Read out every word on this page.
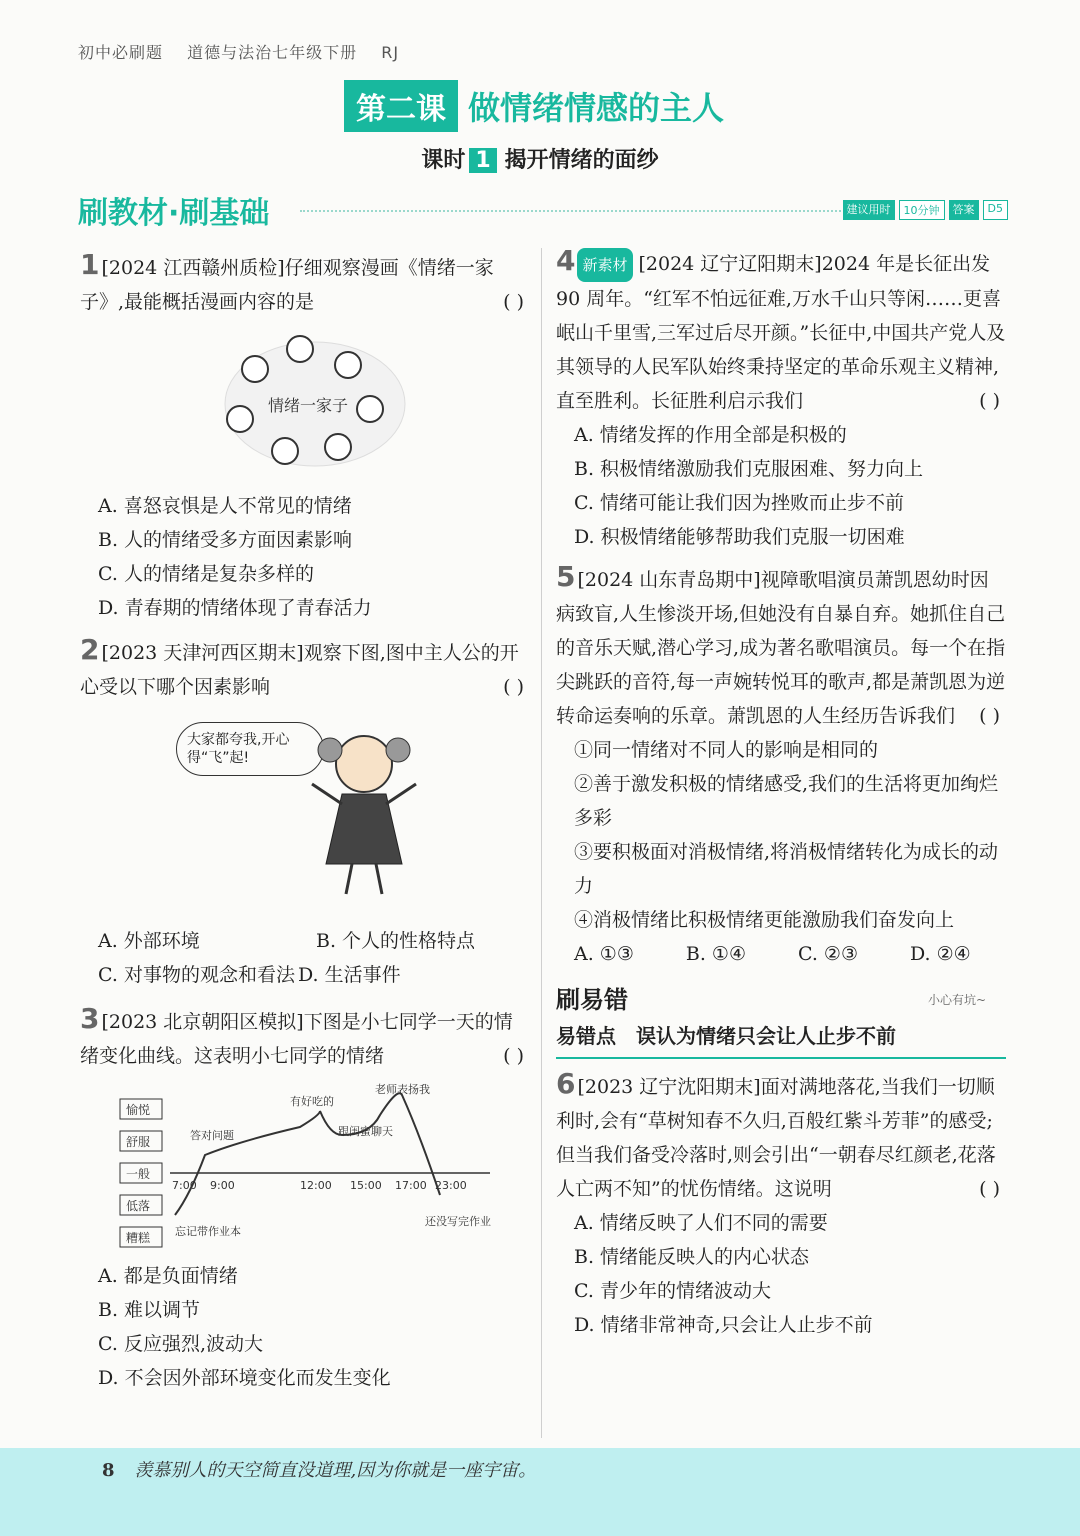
初中必刷题 道德与法治七年级下册 RJ
第二课 做情绪情感的主人
课时 1 揭开情绪的面纱
刷教材·刷基础	建议用时	10分钟	答案	D5
1 [2024 江西赣州质检]仔细观察漫画《情绪一家子》,最能概括漫画内容的是	( )
情绪一家子
A. 喜怒哀惧是人不常见的情绪
B. 人的情绪受多方面因素影响
C. 人的情绪是复杂多样的
D. 青春期的情绪体现了青春活力
2 [2023 天津河西区期末]观察下图,图中主人公的开心受以下哪个因素影响	( )
大家都夸我,开心得“飞”起!
A. 外部环境	B. 个人的性格特点
C. 对事物的观念和看法 D. 生活事件
3 [2023 北京朝阳区模拟]下图是小七同学一天的情绪变化曲线。这表明小七同学的情绪	( )
愉悦
舒服
一般
低落
糟糕
7:00 9:00	12:00 15:00 17:00 23:00
答对问题
有好吃的
跟闺蜜聊天
老师表扬我
忘记带作业本
还没写完作业
A. 都是负面情绪
B. 难以调节
C. 反应强烈,波动大
D. 不会因外部环境变化而发生变化
4 新素材 [2024 辽宁辽阳期末]2024 年是长征出发 90 周年。“红军不怕远征难,万水千山只等闲……更喜岷山千里雪,三军过后尽开颜。”长征中,中国共产党人及其领导的人民军队始终秉持坚定的革命乐观主义精神,直至胜利。长征胜利启示我们	( )
A. 情绪发挥的作用全部是积极的
B. 积极情绪激励我们克服困难、努力向上
C. 情绪可能让我们因为挫败而止步不前
D. 积极情绪能够帮助我们克服一切困难
5 [2024 山东青岛期中]视障歌唱演员萧凯恩幼时因病致盲,人生惨淡开场,但她没有自暴自弃。她抓住自己的音乐天赋,潜心学习,成为著名歌唱演员。每一个在指尖跳跃的音符,每一声婉转悦耳的歌声,都是萧凯恩为逆转命运奏响的乐章。萧凯恩的人生经历告诉我们 ( )
①同一情绪对不同人的影响是相同的
②善于激发积极的情绪感受,我们的生活将更加绚烂多彩
③要积极面对消极情绪,将消极情绪转化为成长的动力
④消极情绪比积极情绪更能激励我们奋发向上
A. ①③	B. ①④	C. ②③	D. ②④
刷易错	小心有坑~
易错点　误认为情绪只会让人止步不前
6 [2023 辽宁沈阳期末]面对满地落花,当我们一切顺利时,会有“草树知春不久归,百般红紫斗芳菲”的感受;但当我们备受冷落时,则会引出“一朝春尽红颜老,花落人亡两不知”的忧伤情绪。这说明	( )
A. 情绪反映了人们不同的需要
B. 情绪能反映人的内心状态
C. 青少年的情绪波动大
D. 情绪非常神奇,只会让人止步不前
8 羡慕别人的天空简直没道理,因为你就是一座宇宙。
